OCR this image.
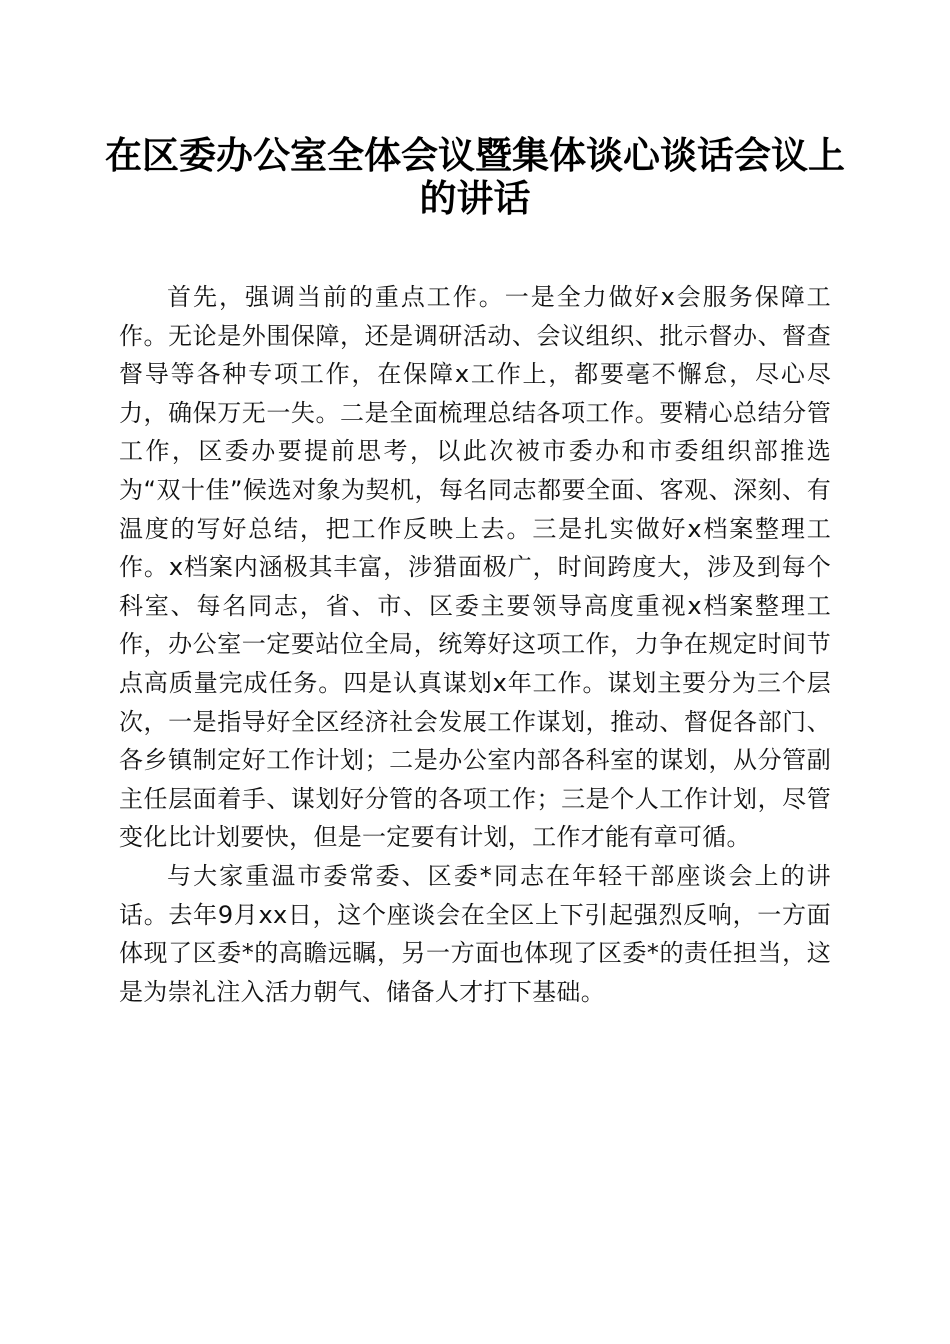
在区委办公室全体会议暨集体谈心谈话会议上
的讲话

首先，强调当前的重点工作。一是全力做好x会服务保障工作。无论是外围保障，还是调研活动、会议组织、批示督办、督查督导等各种专项工作，在保障x工作上，都要毫不懈怠，尽心尽力，确保万无一失。二是全面梳理总结各项工作。要精心总结分管工作，区委办要提前思考，以此次被市委办和市委组织部推选为“双十佳”候选对象为契机，每名同志都要全面、客观、深刻、有温度的写好总结，把工作反映上去。三是扎实做好x档案整理工作。x档案内涵极其丰富，涉猎面极广，时间跨度大，涉及到每个科室、每名同志，省、市、区委主要领导高度重视x档案整理工作，办公室一定要站位全局，统筹好这项工作，力争在规定时间节点高质量完成任务。四是认真谋划x年工作。谋划主要分为三个层次，一是指导好全区经济社会发展工作谋划，推动、督促各部门、各乡镇制定好工作计划；二是办公室内部各科室的谋划，从分管副主任层面着手、谋划好分管的各项工作；三是个人工作计划，尽管变化比计划要快，但是一定要有计划，工作才能有章可循。

与大家重温市委常委、区委*同志在年轻干部座谈会上的讲话。去年9月xx日，这个座谈会在全区上下引起强烈反响，一方面体现了区委*的高瞻远瞩，另一方面也体现了区委*的责任担当，这是为崇礼注入活力朝气、储备人才打下基础。
